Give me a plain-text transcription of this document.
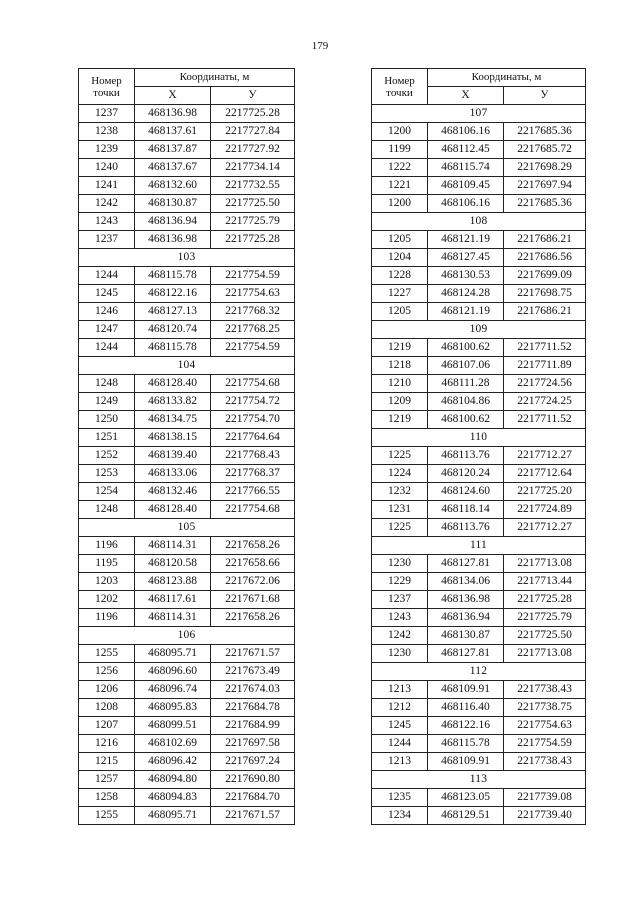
179
Номер
точки	Координаты, м	
	X	У
1237	468136.98	2217725.28
1238	468137.61	2217727.84
1239	468137.87	2217727.92
1240	468137.67	2217734.14
1241	468132.60	2217732.55
1242	468130.87	2217725.50
1243	468136.94	2217725.79
1237	468136.98	2217725.28
103		
1244	468115.78	2217754.59
1245	468122.16	2217754.63
1246	468127.13	2217768.32
1247	468120.74	2217768.25
1244	468115.78	2217754.59
104		
1248	468128.40	2217754.68
1249	468133.82	2217754.72
1250	468134.75	2217754.70
1251	468138.15	2217764.64
1252	468139.40	2217768.43
1253	468133.06	2217768.37
1254	468132.46	2217766.55
1248	468128.40	2217754.68
105		
1196	468114.31	2217658.26
1195	468120.58	2217658.66
1203	468123.88	2217672.06
1202	468117.61	2217671.68
1196	468114.31	2217658.26
106		
1255	468095.71	2217671.57
1256	468096.60	2217673.49
1206	468096.74	2217674.03
1208	468095.83	2217684.78
1207	468099.51	2217684.99
1216	468102.69	2217697.58
1215	468096.42	2217697.24
1257	468094.80	2217690.80
1258	468094.83	2217684.70
1255	468095.71	2217671.57
Номер
точки	Координаты, м	
	X	У
107		
1200	468106.16	2217685.36
1199	468112.45	2217685.72
1222	468115.74	2217698.29
1221	468109.45	2217697.94
1200	468106.16	2217685.36
108		
1205	468121.19	2217686.21
1204	468127.45	2217686.56
1228	468130.53	2217699.09
1227	468124.28	2217698.75
1205	468121.19	2217686.21
109		
1219	468100.62	2217711.52
1218	468107.06	2217711.89
1210	468111.28	2217724.56
1209	468104.86	2217724.25
1219	468100.62	2217711.52
110		
1225	468113.76	2217712.27
1224	468120.24	2217712.64
1232	468124.60	2217725.20
1231	468118.14	2217724.89
1225	468113.76	2217712.27
111		
1230	468127.81	2217713.08
1229	468134.06	2217713.44
1237	468136.98	2217725.28
1243	468136.94	2217725.79
1242	468130.87	2217725.50
1230	468127.81	2217713.08
112		
1213	468109.91	2217738.43
1212	468116.40	2217738.75
1245	468122.16	2217754.63
1244	468115.78	2217754.59
1213	468109.91	2217738.43
113		
1235	468123.05	2217739.08
1234	468129.51	2217739.40
